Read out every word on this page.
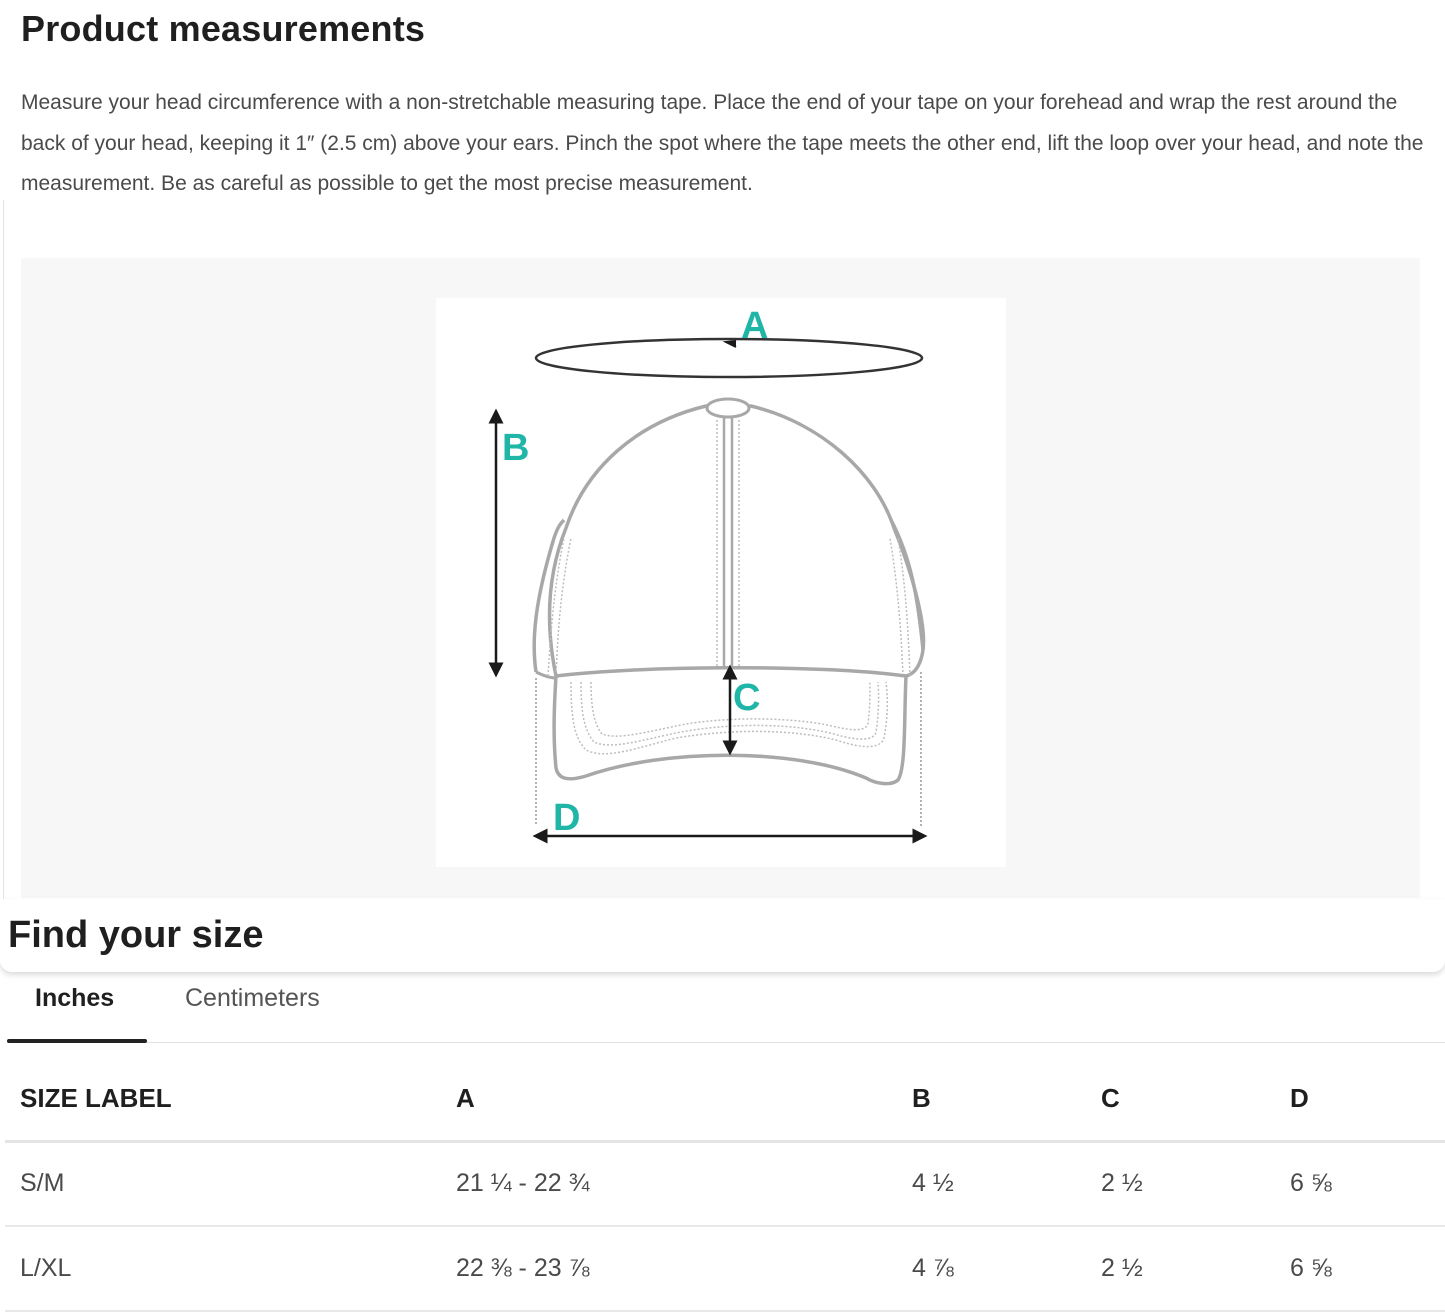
Product measurements

Measure your head circumference with a non-stretchable measuring tape. Place the end of your tape on your forehead and wrap the rest around the back of your head, keeping it 1″ (2.5 cm) above your ears. Pinch the spot where the tape meets the other end, lift the loop over your head, and note the measurement. Be as careful as possible to get the most precise measurement.

A
B
C
D
Find your size
Inches	Centimeters
SIZE LABEL	A	B	C	D
S/M	21 ¼ - 22 ¾	4 ½	2 ½	6 ⅝
L/XL	22 ⅜ - 23 ⅞	4 ⅞	2 ½	6 ⅝
